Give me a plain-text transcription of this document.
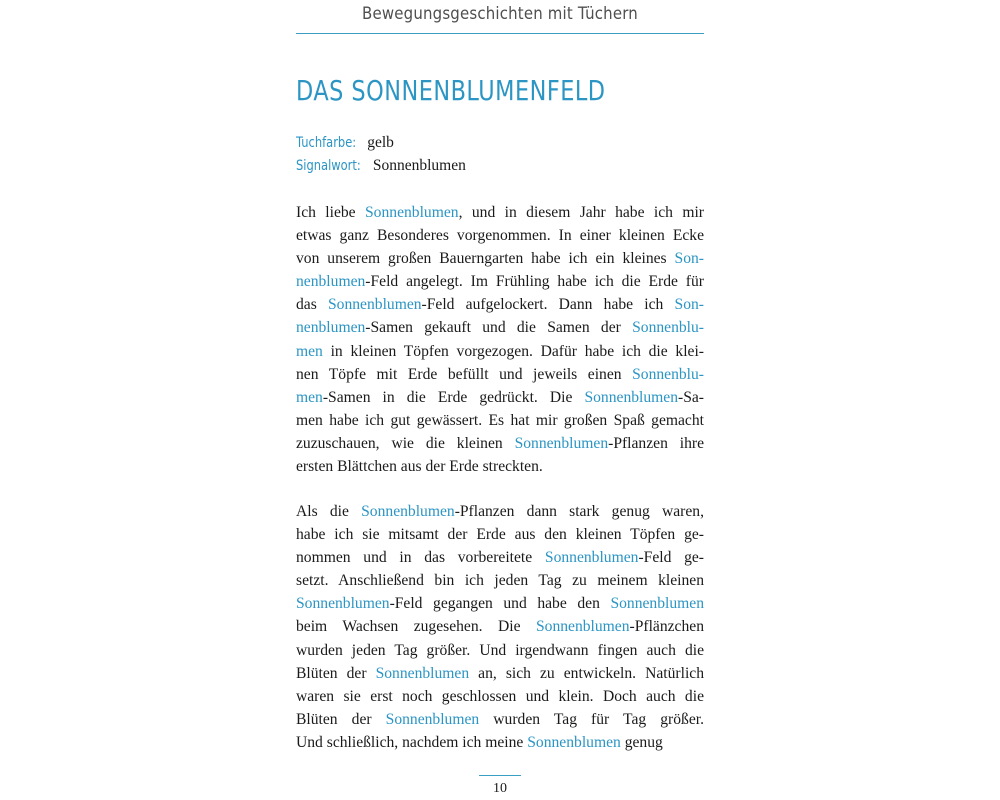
Bewegungsgeschichten mit Tüchern
DAS SONNENBLUMENFELD
Tuchfarbe: gelb
Signalwort: Sonnenblumen
Ich liebe Sonnenblumen, und in diesem Jahr habe ich mir
etwas ganz Besonderes vorgenommen. In einer kleinen Ecke
von unserem großen Bauerngarten habe ich ein kleines Son-
nenblumen-Feld angelegt. Im Frühling habe ich die Erde für
das Sonnenblumen-Feld aufgelockert. Dann habe ich Son-
nenblumen-Samen gekauft und die Samen der Sonnenblu-
men in kleinen Töpfen vorgezogen. Dafür habe ich die klei-
nen Töpfe mit Erde befüllt und jeweils einen Sonnenblu-
men-Samen in die Erde gedrückt. Die Sonnenblumen-Sa-
men habe ich gut gewässert. Es hat mir großen Spaß gemacht
zuzuschauen, wie die kleinen Sonnenblumen-Pflanzen ihre
ersten Blättchen aus der Erde streckten.
Als die Sonnenblumen-Pflanzen dann stark genug waren,
habe ich sie mitsamt der Erde aus den kleinen Töpfen ge-
nommen und in das vorbereitete Sonnenblumen-Feld ge-
setzt. Anschließend bin ich jeden Tag zu meinem kleinen
Sonnenblumen-Feld gegangen und habe den Sonnenblumen
beim Wachsen zugesehen. Die Sonnenblumen-Pflänzchen
wurden jeden Tag größer. Und irgendwann fingen auch die
Blüten der Sonnenblumen an, sich zu entwickeln. Natürlich
waren sie erst noch geschlossen und klein. Doch auch die
Blüten der Sonnenblumen wurden Tag für Tag größer.
Und schließlich, nachdem ich meine Sonnenblumen genug
10
